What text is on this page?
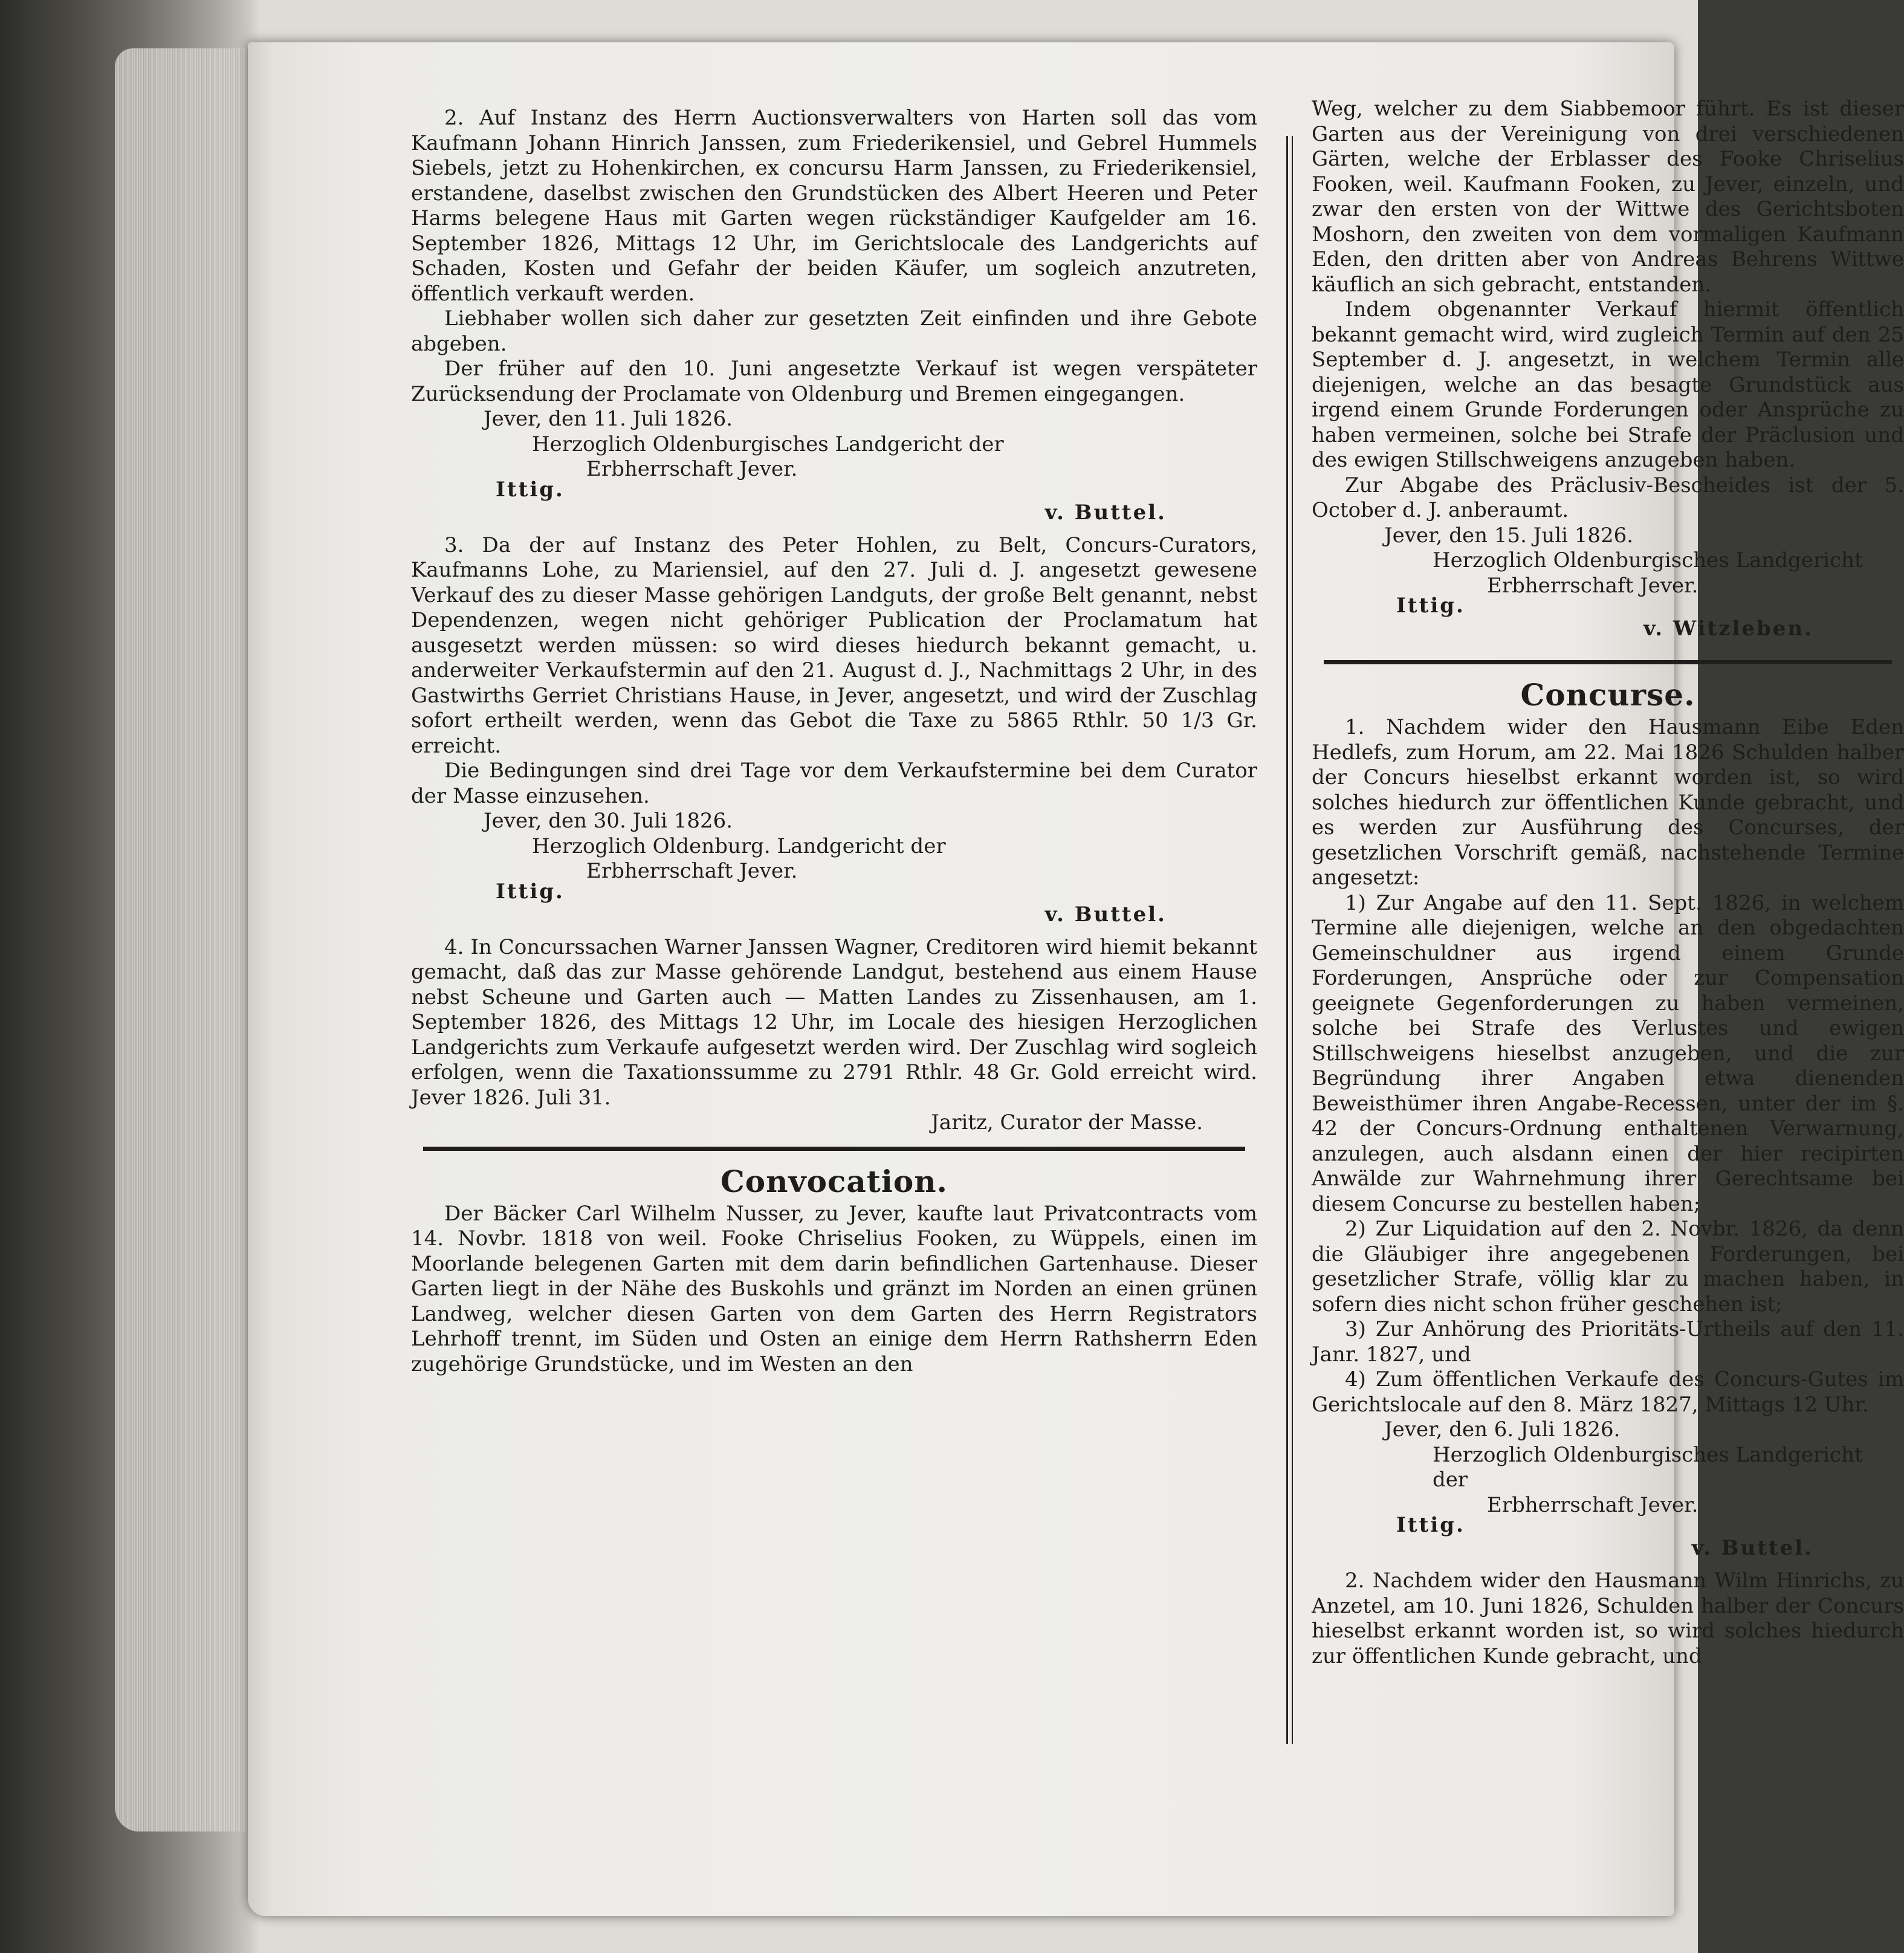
2. Auf Instanz des Herrn Auctionsverwalters von Harten soll das vom Kaufmann Johann Hinrich Janssen, zum Friederikensiel, und Gebrel Hummels Siebels, jetzt zu Hohenkirchen, ex concursu Harm Janssen, zu Friederikensiel, erstandene, daselbst zwischen den Grundstücken des Albert Heeren und Peter Harms belegene Haus mit Garten wegen rückständiger Kaufgelder am 16. September 1826, Mittags 12 Uhr, im Gerichtslocale des Landgerichts auf Schaden, Kosten und Gefahr der beiden Käufer, um sogleich anzutreten, öffentlich verkauft werden.

Liebhaber wollen sich daher zur gesetzten Zeit einfinden und ihre Gebote abgeben.

Der früher auf den 10. Juni angesetzte Verkauf ist wegen verspäteter Zurücksendung der Proclamate von Oldenburg und Bremen eingegangen.

Jever, den 11. Juli 1826.

Herzoglich Oldenburgisches Landgericht der

Erbherrschaft Jever.

Ittig.
v. Buttel.

3. Da der auf Instanz des Peter Hohlen, zu Belt, Concurs-Curators, Kaufmanns Lohe, zu Mariensiel, auf den 27. Juli d. J. angesetzt gewesene Verkauf des zu dieser Masse gehörigen Landguts, der große Belt genannt, nebst Dependenzen, wegen nicht gehöriger Publication der Proclamatum hat ausgesetzt werden müssen: so wird dieses hiedurch bekannt gemacht, u. anderweiter Verkaufstermin auf den 21. August d. J., Nachmittags 2 Uhr, in des Gastwirths Gerriet Christians Hause, in Jever, angesetzt, und wird der Zuschlag sofort ertheilt werden, wenn das Gebot die Taxe zu 5865 Rthlr. 50 1/3 Gr. erreicht.

Die Bedingungen sind drei Tage vor dem Verkaufstermine bei dem Curator der Masse einzusehen.

Jever, den 30. Juli 1826.

Herzoglich Oldenburg. Landgericht der

Erbherrschaft Jever.

Ittig.
v. Buttel.

4. In Concurssachen Warner Janssen Wagner, Creditoren wird hiemit bekannt gemacht, daß das zur Masse gehörende Landgut, bestehend aus einem Hause nebst Scheune und Garten auch — Matten Landes zu Zissenhausen, am 1. September 1826, des Mittags 12 Uhr, im Locale des hiesigen Herzoglichen Landgerichts zum Verkaufe aufgesetzt werden wird. Der Zuschlag wird sogleich erfolgen, wenn die Taxationssumme zu 2791 Rthlr. 48 Gr. Gold erreicht wird. Jever 1826. Juli 31.

Jaritz, Curator der Masse.

Convocation.

Der Bäcker Carl Wilhelm Nusser, zu Jever, kaufte laut Privatcontracts vom 14. Novbr. 1818 von weil. Fooke Chriselius Fooken, zu Wüppels, einen im Moorlande belegenen Garten mit dem darin befindlichen Gartenhause. Dieser Garten liegt in der Nähe des Buskohls und gränzt im Norden an einen grünen Landweg, welcher diesen Garten von dem Garten des Herrn Registrators Lehrhoff trennt, im Süden und Osten an einige dem Herrn Rathsherrn Eden zugehörige Grundstücke, und im Westen an den

Weg, welcher zu dem Siabbemoor führt. Es ist dieser Garten aus der Vereinigung von drei verschiedenen Gärten, welche der Erblasser des Fooke Chriselius Fooken, weil. Kaufmann Fooken, zu Jever, einzeln, und zwar den ersten von der Wittwe des Gerichtsboten Moshorn, den zweiten von dem vormaligen Kaufmann Eden, den dritten aber von Andreas Behrens Wittwe käuflich an sich gebracht, entstanden.

Indem obgenannter Verkauf hiermit öffentlich bekannt gemacht wird, wird zugleich Termin auf den 25 September d. J. angesetzt, in welchem Termin alle diejenigen, welche an das besagte Grundstück aus irgend einem Grunde Forderungen oder Ansprüche zu haben vermeinen, solche bei Strafe der Präclusion und des ewigen Stillschweigens anzugeben haben.

Zur Abgabe des Präclusiv-Bescheides ist der 5. October d. J. anberaumt.

Jever, den 15. Juli 1826.

Herzoglich Oldenburgisches Landgericht

Erbherrschaft Jever.

Ittig.
v. Witzleben.

Concurse.

1. Nachdem wider den Hausmann Eibe Eden Hedlefs, zum Horum, am 22. Mai 1826 Schulden halber der Concurs hieselbst erkannt worden ist, so wird solches hiedurch zur öffentlichen Kunde gebracht, und es werden zur Ausführung des Concurses, der gesetzlichen Vorschrift gemäß, nachstehende Termine angesetzt:

1) Zur Angabe auf den 11. Sept. 1826, in welchem Termine alle diejenigen, welche an den obgedachten Gemeinschuldner aus irgend einem Grunde Forderungen, Ansprüche oder zur Compensation geeignete Gegenforderungen zu haben vermeinen, solche bei Strafe des Verlustes und ewigen Stillschweigens hieselbst anzugeben, und die zur Begründung ihrer Angaben etwa dienenden Beweisthümer ihren Angabe-Recessen, unter der im §. 42 der Concurs-Ordnung enthaltenen Verwarnung, anzulegen, auch alsdann einen der hier recipirten Anwälde zur Wahrnehmung ihrer Gerechtsame bei diesem Concurse zu bestellen haben;

2) Zur Liquidation auf den 2. Novbr. 1826, da denn die Gläubiger ihre angegebenen Forderungen, bei gesetzlicher Strafe, völlig klar zu machen haben, in sofern dies nicht schon früher geschehen ist;

3) Zur Anhörung des Prioritäts-Urtheils auf den 11. Janr. 1827, und

4) Zum öffentlichen Verkaufe des Concurs-Gutes im Gerichtslocale auf den 8. März 1827, Mittags 12 Uhr.

Jever, den 6. Juli 1826.

Herzoglich Oldenburgisches Landgericht der

Erbherrschaft Jever.

Ittig.
v. Buttel.

2. Nachdem wider den Hausmann Wilm Hinrichs, zu Anzetel, am 10. Juni 1826, Schulden halber der Concurs hieselbst erkannt worden ist, so wird solches hiedurch zur öffentlichen Kunde gebracht, und
